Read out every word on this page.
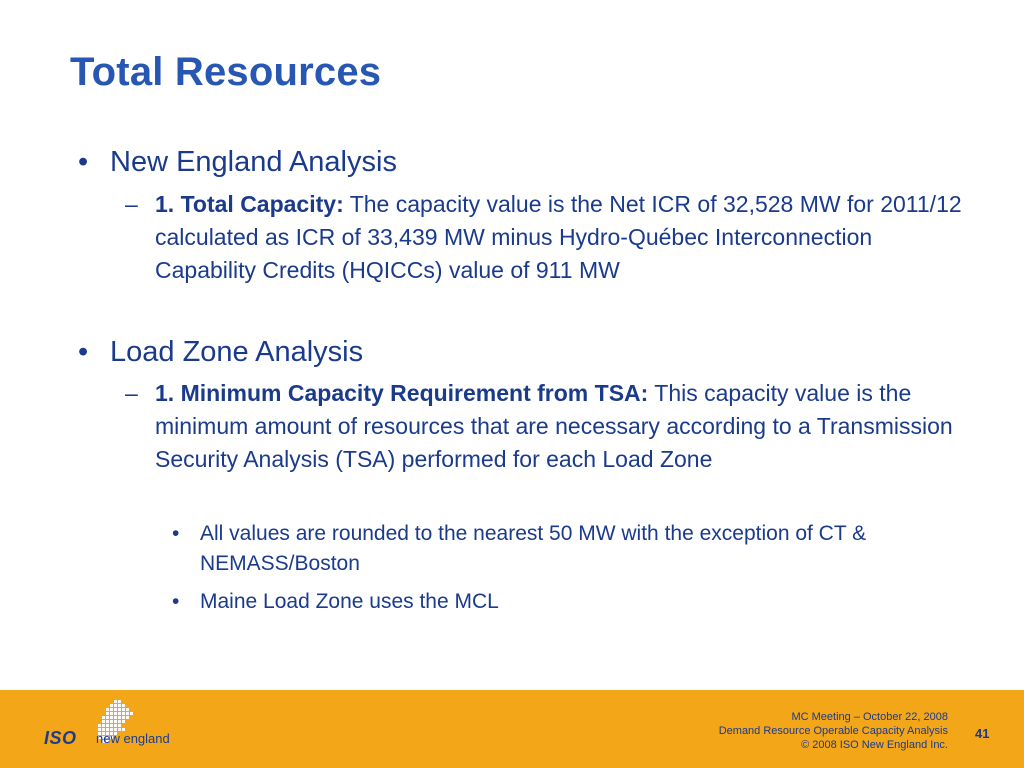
Total Resources
• New England Analysis
– 1. Total Capacity: The capacity value is the Net ICR of 32,528 MW for 2011/12 calculated as ICR of 33,439 MW minus Hydro-Québec Interconnection Capability Credits (HQICCs) value of 911 MW
• Load Zone Analysis
– 1. Minimum Capacity Requirement from TSA: This capacity value is the minimum amount of resources that are necessary according to a Transmission Security Analysis (TSA) performed for each Load Zone
• All values are rounded to the nearest 50 MW with the exception of CT & NEMASS/Boston
• Maine Load Zone uses the MCL
ISO new england
MC Meeting – October 22, 2008
Demand Resource Operable Capacity Analysis
© 2008 ISO New England Inc.
41
